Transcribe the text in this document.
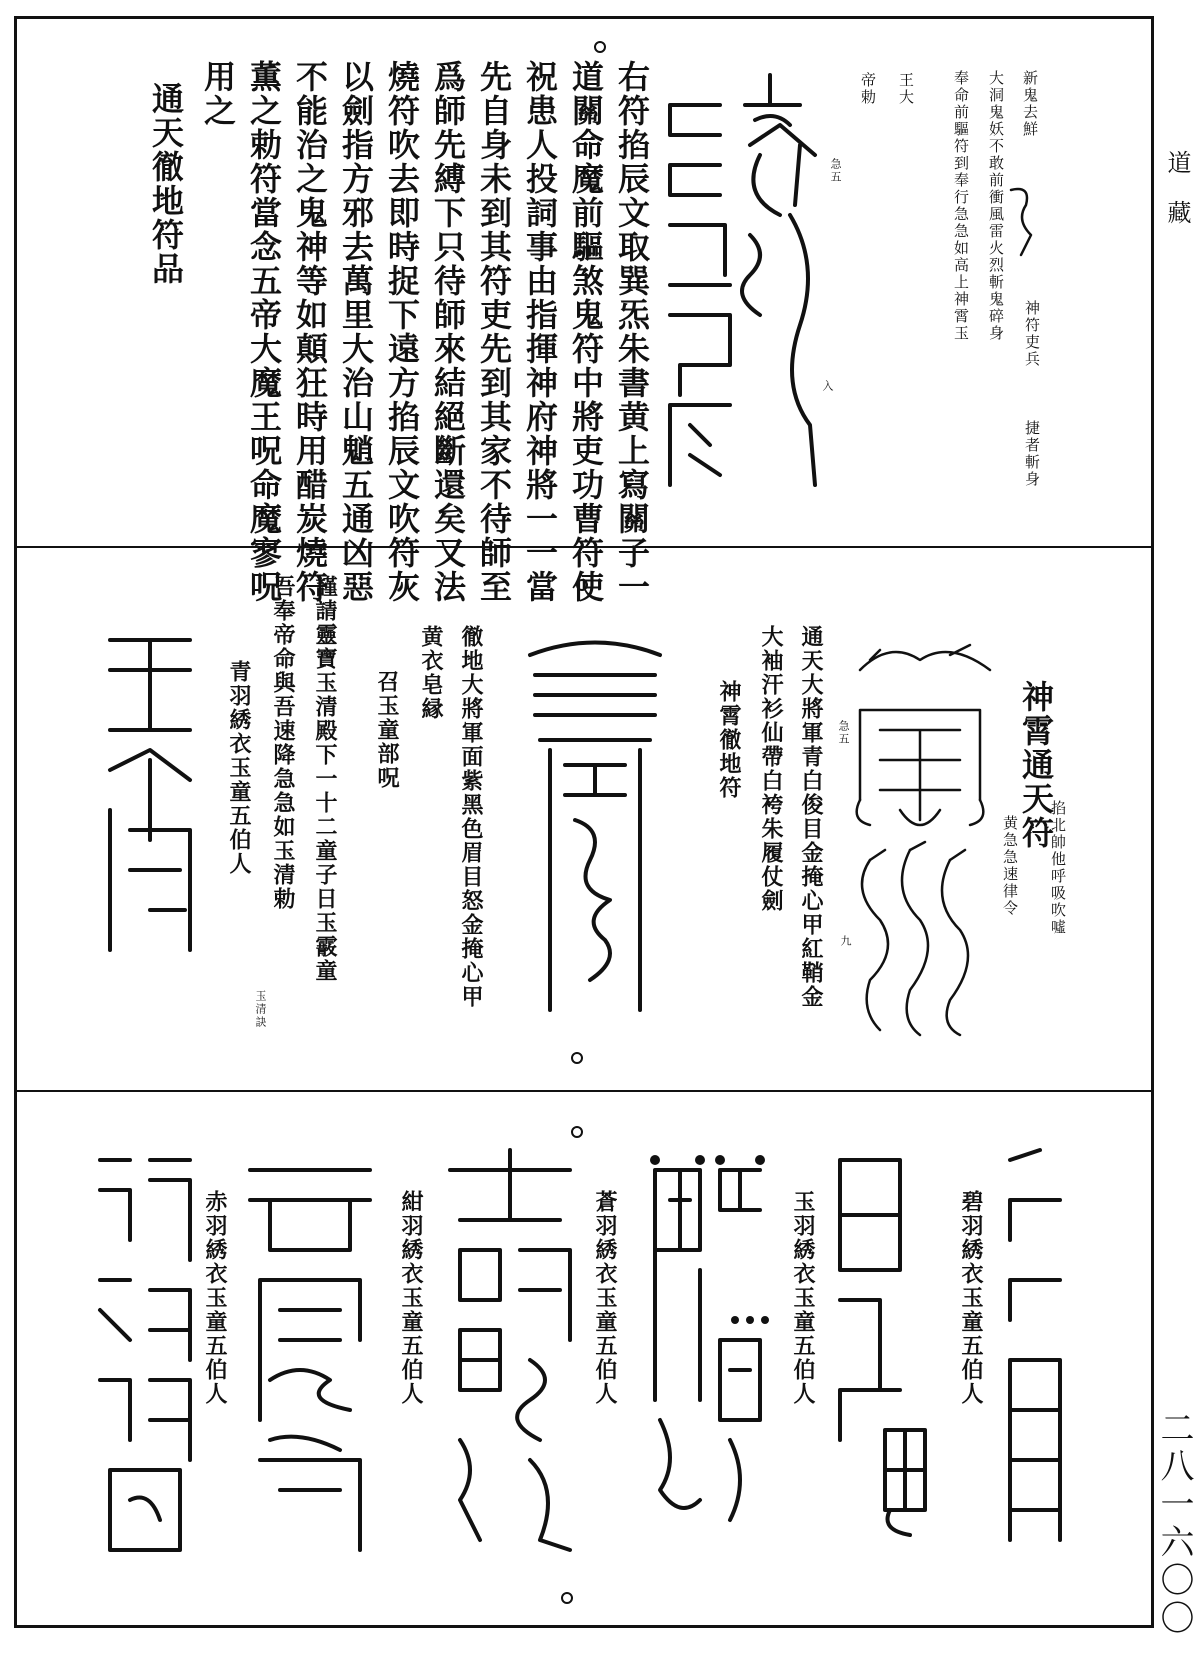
道藏
二八一六〇〇
新鬼去鮮
神符吏兵
捷者斬身
大洞鬼妖不敢前衝風雷火烈斬鬼碎身
奉命前驅符到奉行急急如高上神霄玉
王大
帝勅
急五
入
右符掐辰文取巽炁朱書黄上寫關子一
道關命魔前驅煞鬼符中將吏功曹符使
祝患人投詞事由指揮神府神將一一當
先自身未到其符吏先到其家不待師至
爲師先縛下只待師來結絕斷還矣又法
燒符吹去即時捉下遠方掐辰文吹符灰
以劍指方邪去萬里大治山魈五通凶惡
不能治之鬼神等如顛狂時用醋炭燒符
薫之勅符當念五帝大魔王呪命魔寥呪
用之
通天徹地符品
神霄通天符
掐北帥他呼吸吹噓
黄急急速律令
通天大將軍青白俊目金掩心甲紅鞘金
大袖汗衫仙帶白袴朱履仗劍
神霄徹地符	急五
九
徹地大將軍面紫黑色眉目怒金掩心甲
黄衣皂縁
召玉童部呪
謹請靈寶玉清殿下一十二童子日玉霰童
吾奉帝命與吾速降急急如玉清勅
玉清訣
青羽綉衣玉童五伯人
碧羽綉衣玉童五伯人
玉羽綉衣玉童五伯人
蒼羽綉衣玉童五伯人
紺羽綉衣玉童五伯人
赤羽綉衣玉童五伯人
